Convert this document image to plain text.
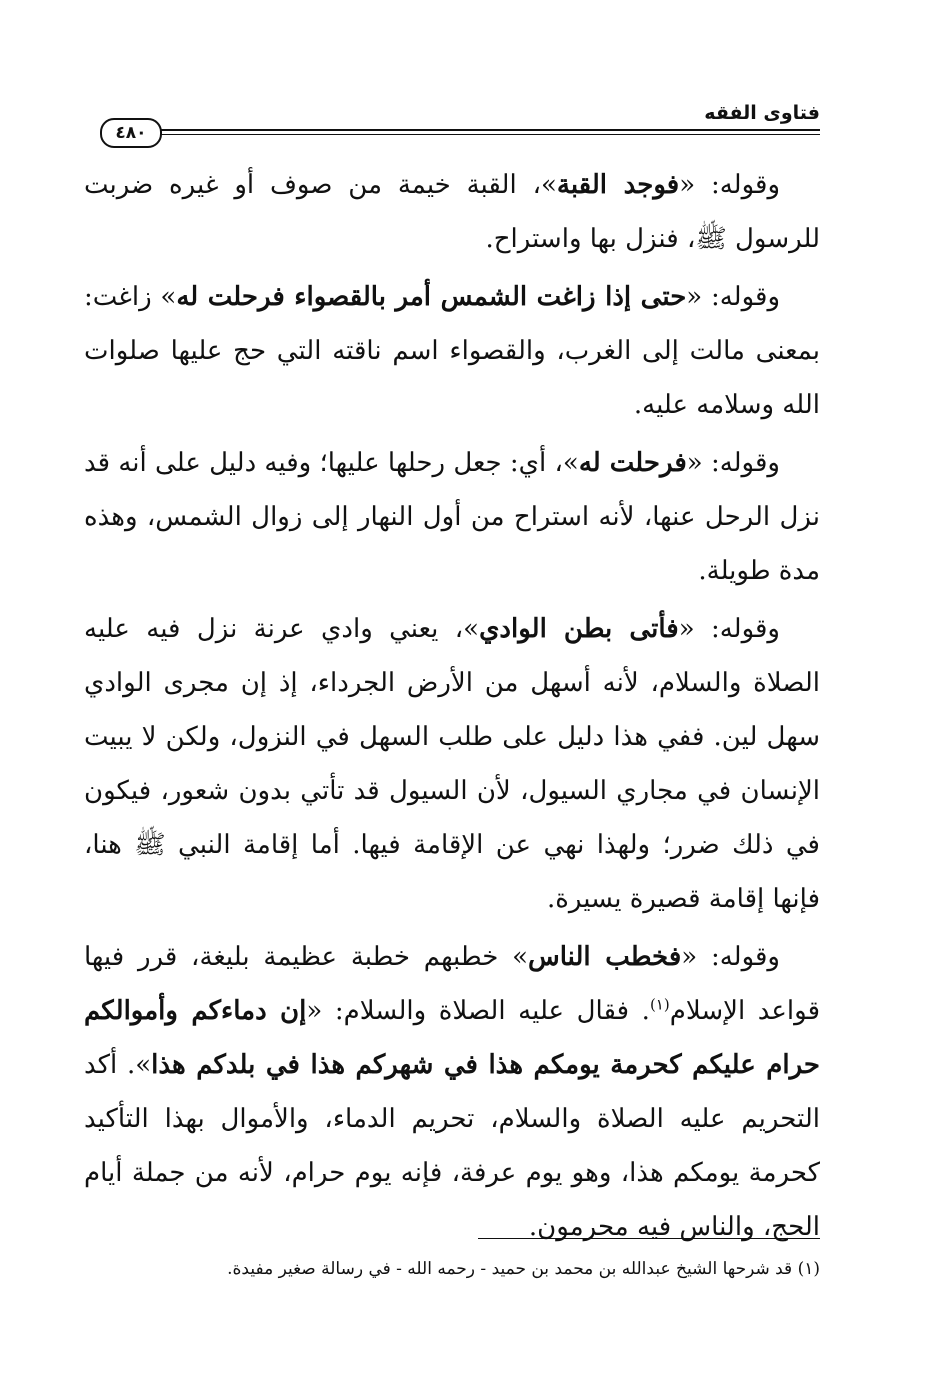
فتاوى الفقه
٤٨٠

وقوله: «فوجد القبة»، القبة خيمة من صوف أو غيره ضربت للرسول ﷺ، فنزل بها واستراح.

وقوله: «حتى إذا زاغت الشمس أمر بالقصواء فرحلت له» زاغت: بمعنى مالت إلى الغرب، والقصواء اسم ناقته التي حج عليها صلوات الله وسلامه عليه.

وقوله: «فرحلت له»، أي: جعل رحلها عليها؛ وفيه دليل على أنه قد نزل الرحل عنها، لأنه استراح من أول النهار إلى زوال الشمس، وهذه مدة طويلة.

وقوله: «فأتى بطن الوادي»، يعني وادي عرنة نزل فيه عليه الصلاة والسلام، لأنه أسهل من الأرض الجرداء، إذ إن مجرى الوادي سهل لين. ففي هذا دليل على طلب السهل في النزول، ولكن لا يبيت الإنسان في مجاري السيول، لأن السيول قد تأتي بدون شعور، فيكون في ذلك ضرر؛ ولهذا نهي عن الإقامة فيها. أما إقامة النبي ﷺ هنا، فإنها إقامة قصيرة يسيرة.

وقوله: «فخطب الناس» خطبهم خطبة عظيمة بليغة، قرر فيها قواعد الإسلام$^{(١)}$. فقال عليه الصلاة والسلام: «إن دماءكم وأموالكم حرام عليكم كحرمة يومكم هذا في شهركم هذا في بلدكم هذا». أكد التحريم عليه الصلاة والسلام، تحريم الدماء، والأموال بهذا التأكيد كحرمة يومكم هذا، وهو يوم عرفة، فإنه يوم حرام، لأنه من جملة أيام الحج، والناس فيه محرمون.

(١) قد شرحها الشيخ عبدالله بن محمد بن حميد - رحمه الله - في رسالة صغير مفيدة.
